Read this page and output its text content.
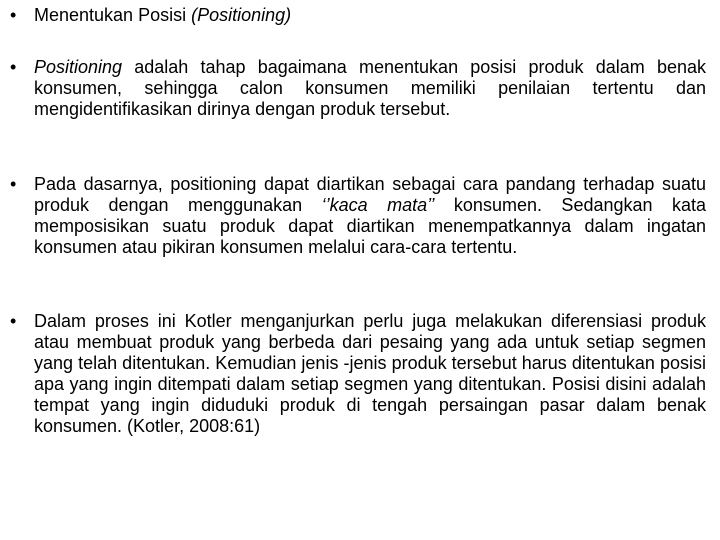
• Menentukan Posisi (Positioning)
• Positioning adalah tahap bagaimana menentukan posisi produk dalam benak konsumen, sehingga calon konsumen memiliki penilaian tertentu dan mengidentifikasikan dirinya dengan produk tersebut.
• Pada dasarnya, positioning dapat diartikan sebagai cara pandang terhadap suatu produk dengan menggunakan ‘’kaca mata’’ konsumen. Sedangkan kata memposisikan suatu produk dapat diartikan menempatkannya dalam ingatan konsumen atau pikiran konsumen melalui cara-cara tertentu.
• Dalam proses ini Kotler menganjurkan perlu juga melakukan diferensiasi produk atau membuat produk yang berbeda dari pesaing yang ada untuk setiap segmen yang telah ditentukan. Kemudian jenis -jenis produk tersebut harus ditentukan posisi apa yang ingin ditempati dalam setiap segmen yang ditentukan. Posisi disini adalah tempat yang ingin diduduki produk di tengah persaingan pasar dalam benak konsumen. (Kotler, 2008:61)
